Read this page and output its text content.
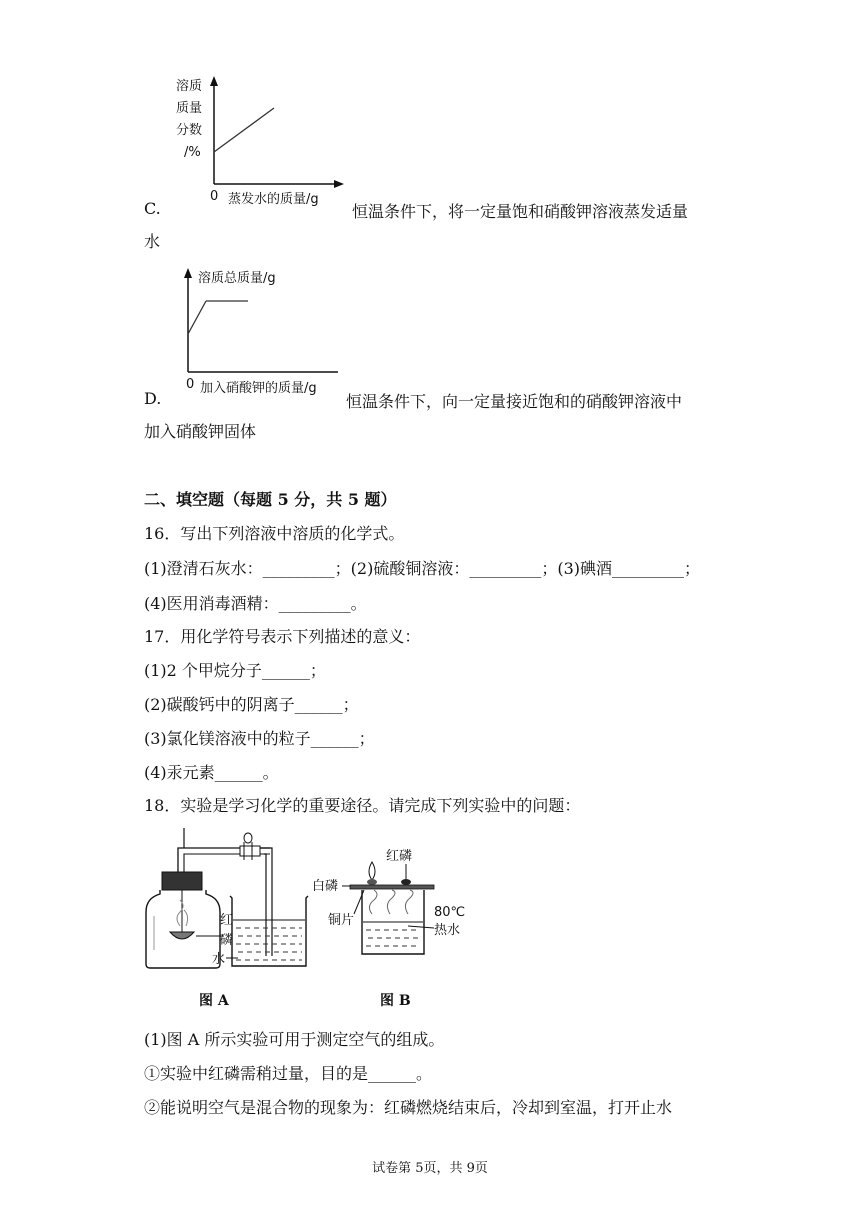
溶质
质量
分数
/%
0 蒸发水的质量/g
C.	恒温条件下，将一定量饱和硝酸钾溶液蒸发适量
水
溶质总质量/g
0 加入硝酸钾的质量/g
D.	恒温条件下，向一定量接近饱和的硝酸钾溶液中
加入硝酸钾固体
二、填空题（每题 5 分，共 5 题）
16．写出下列溶液中溶质的化学式。
(1)澄清石灰水：_________；(2)硫酸铜溶液：_________；(3)碘酒_________；
(4)医用消毒酒精：_________。
17．用化学符号表示下列描述的意义：
(1)2 个甲烷分子______；
(2)碳酸钙中的阴离子______；
(3)氯化镁溶液中的粒子______；
(4)汞元素______。
18．实验是学习化学的重要途径。请完成下列实验中的问题：
红
磷
水
图 A
红磷
白磷
铜片
80℃
热水
图 B
(1)图 A 所示实验可用于测定空气的组成。
①实验中红磷需稍过量，目的是______。
②能说明空气是混合物的现象为：红磷燃烧结束后，冷却到室温，打开止水
试卷第 5页，共 9页
